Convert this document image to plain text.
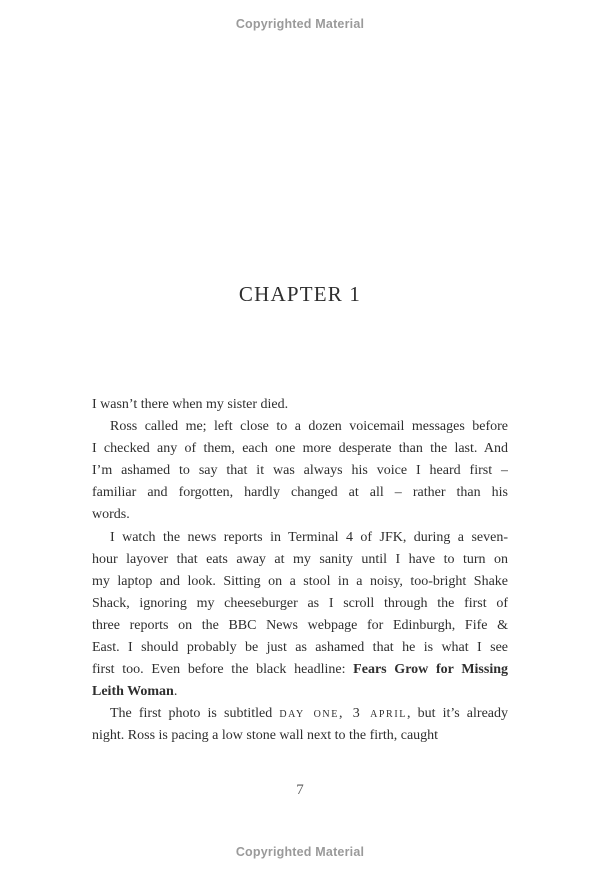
Copyrighted Material
CHAPTER 1
I wasn’t there when my sister died.
Ross called me; left close to a dozen voicemail messages before
I checked any of them, each one more desperate than the last. And
I’m ashamed to say that it was always his voice I heard first –
familiar and forgotten, hardly changed at all – rather than his
words.
I watch the news reports in Terminal 4 of JFK, during a seven-
hour layover that eats away at my sanity until I have to turn on
my laptop and look. Sitting on a stool in a noisy, too-bright Shake
Shack, ignoring my cheeseburger as I scroll through the first of
three reports on the BBC News webpage for Edinburgh, Fife &
East. I should probably be just as ashamed that he is what I see
first too. Even before the black headline: Fears Grow for Missing
Leith Woman.
The first photo is subtitled day one, 3 april, but it’s already
night. Ross is pacing a low stone wall next to the firth, caught
7
Copyrighted Material
